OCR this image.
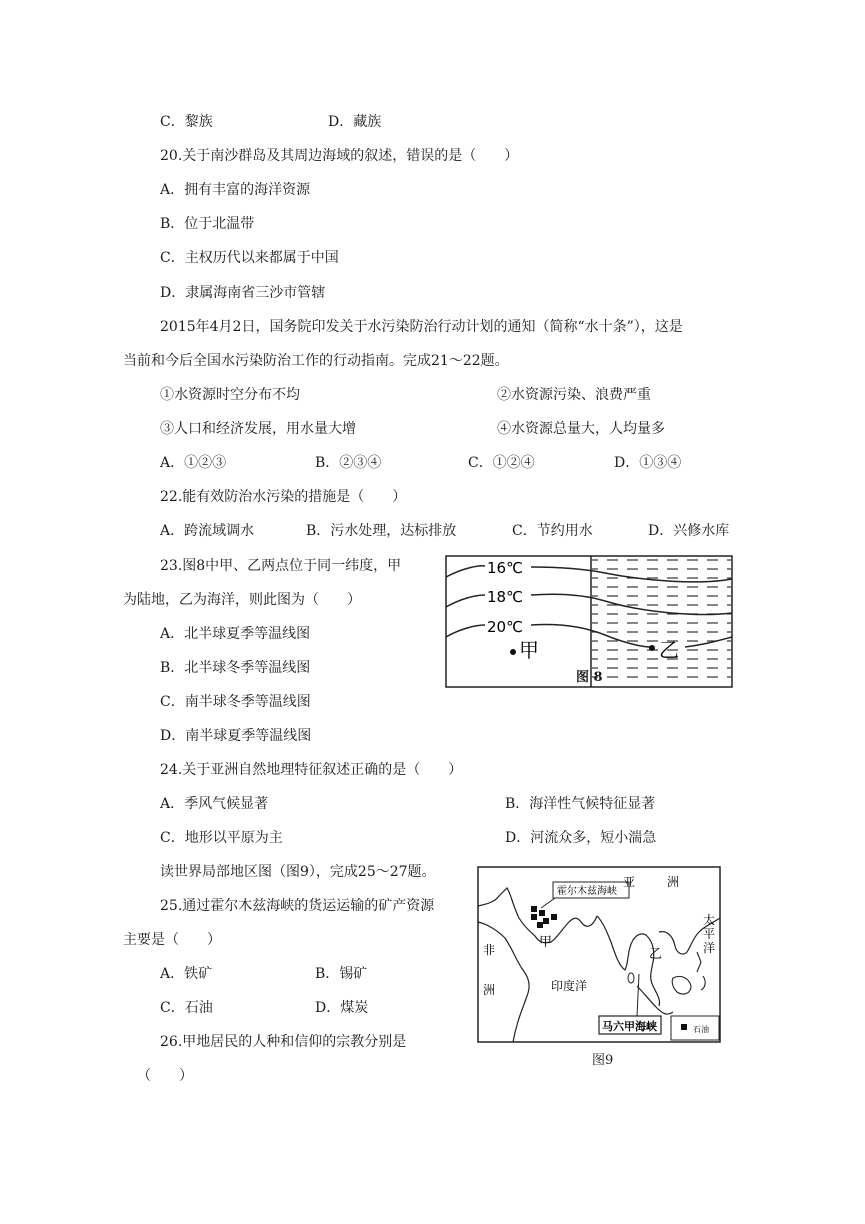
C．黎族	D．藏族
20.关于南沙群岛及其周边海域的叙述，错误的是（　　）
A．拥有丰富的海洋资源
B．位于北温带
C．主权历代以来都属于中国
D．隶属海南省三沙市管辖
2015年4月2日，国务院印发关于水污染防治行动计划的通知（简称“水十条”），这是
当前和今后全国水污染防治工作的行动指南。完成21～22题。
①水资源时空分布不均	②水资源污染、浪费严重
③人口和经济发展，用水量大增	④水资源总量大，人均量多
A．①②③	B．②③④	C．①②④	D．①③④
22.能有效防治水污染的措施是（　　）
A．跨流域调水	B．污水处理，达标排放	C．节约用水	D．兴修水库
23.图8中甲、乙两点位于同一纬度，甲
为陆地，乙为海洋，则此图为（　　）
A．北半球夏季等温线图
B．北半球冬季等温线图
C．南半球冬季等温线图
D．南半球夏季等温线图
16℃
18℃
20℃
甲	乙
图 8
24.关于亚洲自然地理特征叙述正确的是（　　）
A．季风气候显著	B．海洋性气候特征显著
C．地形以平原为主	D．河流众多，短小湍急
读世界局部地区图（图9），完成25～27题。
25.通过霍尔木兹海峡的货运运输的矿产资源
主要是（　　）
A．铁矿	B．锡矿
C．石油	D．煤炭
26.甲地居民的人种和信仰的宗教分别是
（　　）
霍尔木兹海峡
亚	洲
太
平
洋
非
洲	印度洋
甲
乙
马六甲海峡	石油
图9
